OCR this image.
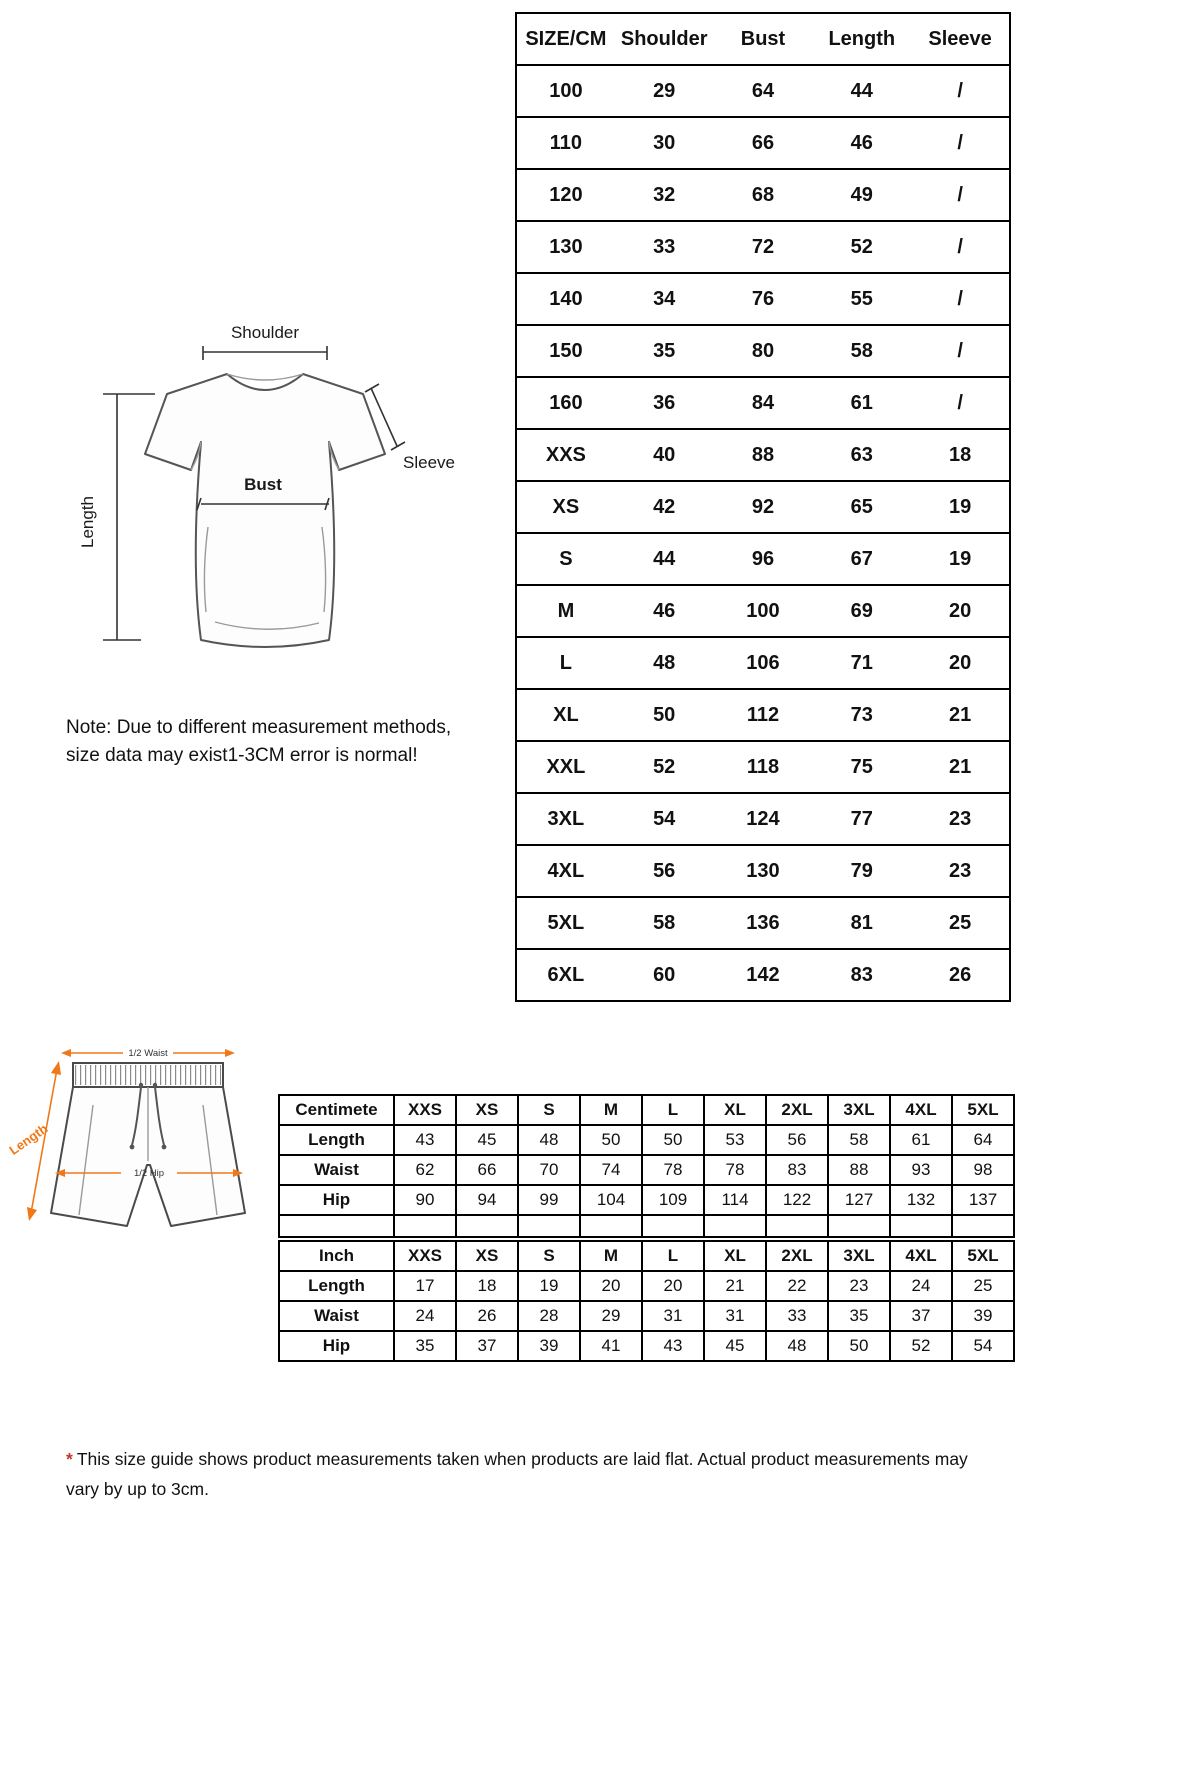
SIZE/CM	Shoulder	Bust	Length	Sleeve
100	29	64	44	/
110	30	66	46	/
120	32	68	49	/
130	33	72	52	/
140	34	76	55	/
150	35	80	58	/
160	36	84	61	/
XXS	40	88	63	18
XS	42	92	65	19
S	44	96	67	19
M	46	100	69	20
L	48	106	71	20
XL	50	112	73	21
XXL	52	118	75	21
3XL	54	124	77	23
4XL	56	130	79	23
5XL	58	136	81	25
6XL	60	142	83	26
Shoulder
Length
Bust
Sleeve
Note: Due to different measurement methods,
size data may exist1-3CM error is normal!
1/2 Waist
Length
1/2 Hip
Centimete	XXS	XS	S	M	L	XL	2XL	3XL	4XL	5XL
Length	43	45	48	50	50	53	56	58	61	64
Waist	62	66	70	74	78	78	83	88	93	98
Hip	90	94	99	104	109	114	122	127	132	137

Inch	XXS	XS	S	M	L	XL	2XL	3XL	4XL	5XL
Length	17	18	19	20	20	21	22	23	24	25
Waist	24	26	28	29	31	31	33	35	37	39
Hip	35	37	39	41	43	45	48	50	52	54
* This size guide shows product measurements taken when products are laid flat. Actual product measurements may
vary by up to 3cm.
